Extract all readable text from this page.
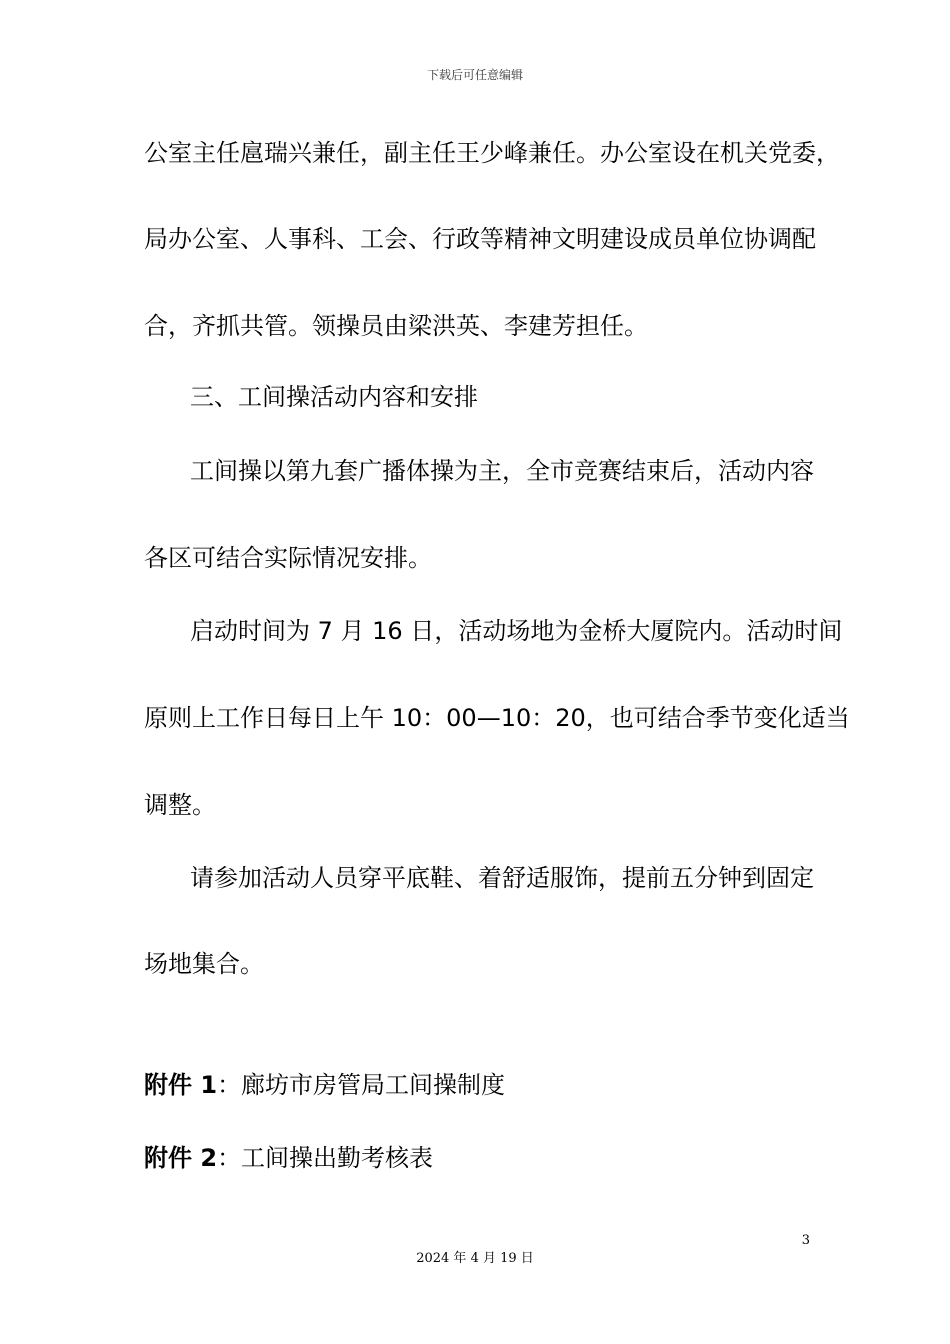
下载后可任意编辑
公室主任扈瑞兴兼任，副主任王少峰兼任。办公室设在机关党委，
局办公室、人事科、工会、行政等精神文明建设成员单位协调配
合，齐抓共管。领操员由梁洪英、李建芳担任。
三、工间操活动内容和安排
工间操以第九套广播体操为主，全市竞赛结束后，活动内容
各区可结合实际情况安排。
启动时间为 7 月 16 日，活动场地为金桥大厦院内。活动时间
原则上工作日每日上午 10：00—10：20，也可结合季节变化适当
调整。
请参加活动人员穿平底鞋、着舒适服饰，提前五分钟到固定
场地集合。
附件 1：廊坊市房管局工间操制度
附件 2：工间操出勤考核表
3
2024 年 4 月 19 日
